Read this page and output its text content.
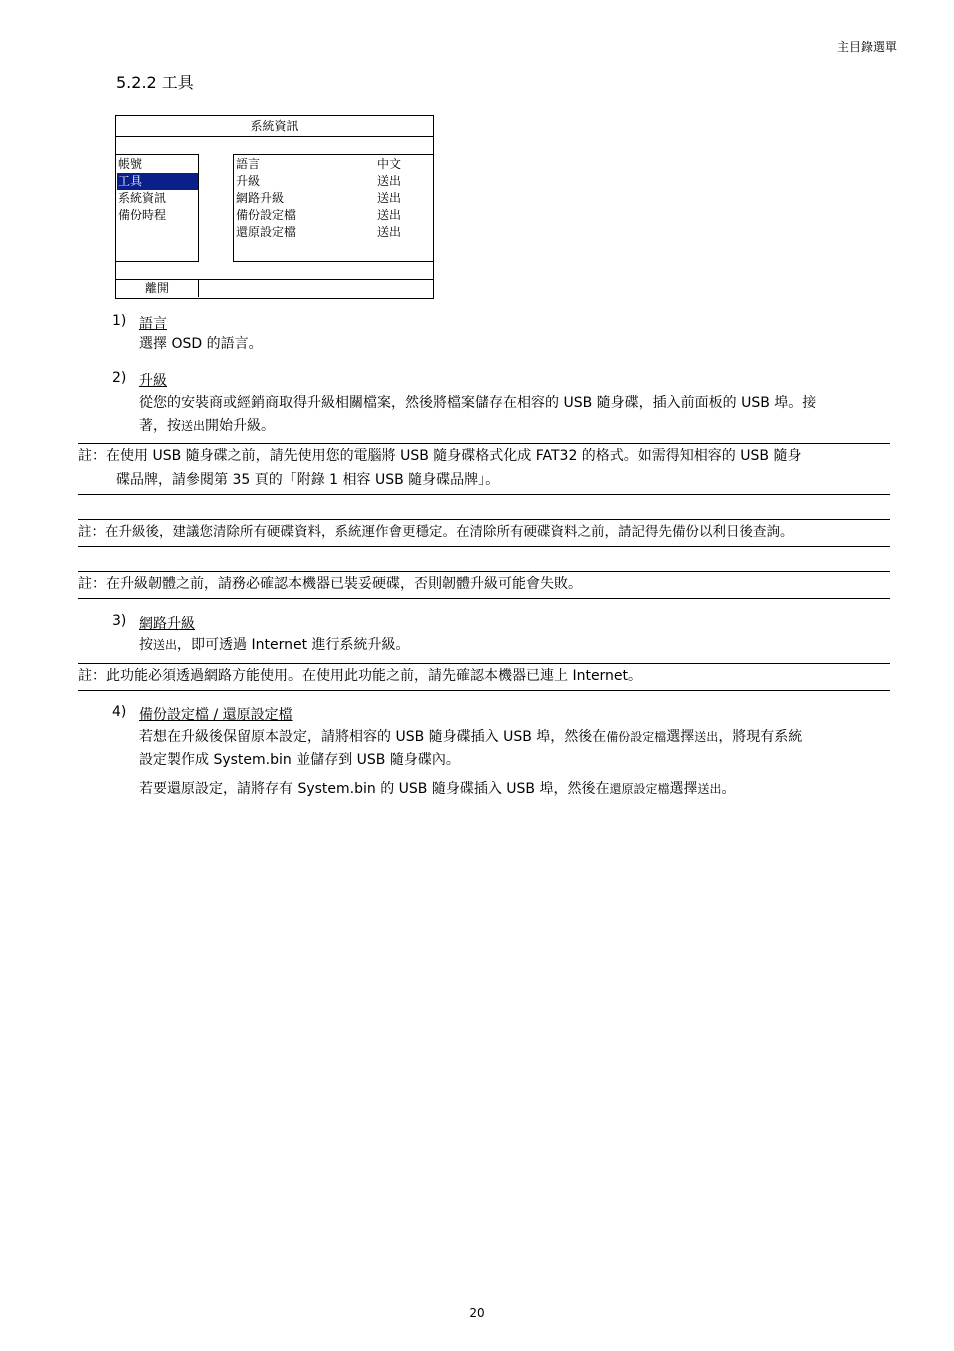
主目錄選單
5.2.2 工具
系統資訊
帳號
工具
系統資訊
備份時程
語言	中文
升級	送出
網路升級	送出
備份設定檔	送出
還原設定檔	送出
離開
1) 語言
選擇 OSD 的語言。
2) 升級
從您的安裝商或經銷商取得升級相關檔案，然後將檔案儲存在相容的 USB 隨身碟，插入前面板的 USB 埠。接
著，按送出開始升級。
註：在使用 USB 隨身碟之前，請先使用您的電腦將 USB 隨身碟格式化成 FAT32 的格式。如需得知相容的 USB 隨身
碟品牌，請參閱第 35 頁的「附錄 1 相容 USB 隨身碟品牌」。
註：在升級後，建議您清除所有硬碟資料，系統運作會更穩定。在清除所有硬碟資料之前，請記得先備份以利日後查詢。
註：在升級韌體之前，請務必確認本機器已裝妥硬碟，否則韌體升級可能會失敗。
3) 網路升級
按送出，即可透過 Internet 進行系統升級。
註：此功能必須透過網路方能使用。在使用此功能之前，請先確認本機器已連上 Internet。
4) 備份設定檔 / 還原設定檔
若想在升級後保留原本設定，請將相容的 USB 隨身碟插入 USB 埠，然後在備份設定檔選擇送出，將現有系統
設定製作成 System.bin 並儲存到 USB 隨身碟內。
若要還原設定，請將存有 System.bin 的 USB 隨身碟插入 USB 埠，然後在還原設定檔選擇送出。
20
